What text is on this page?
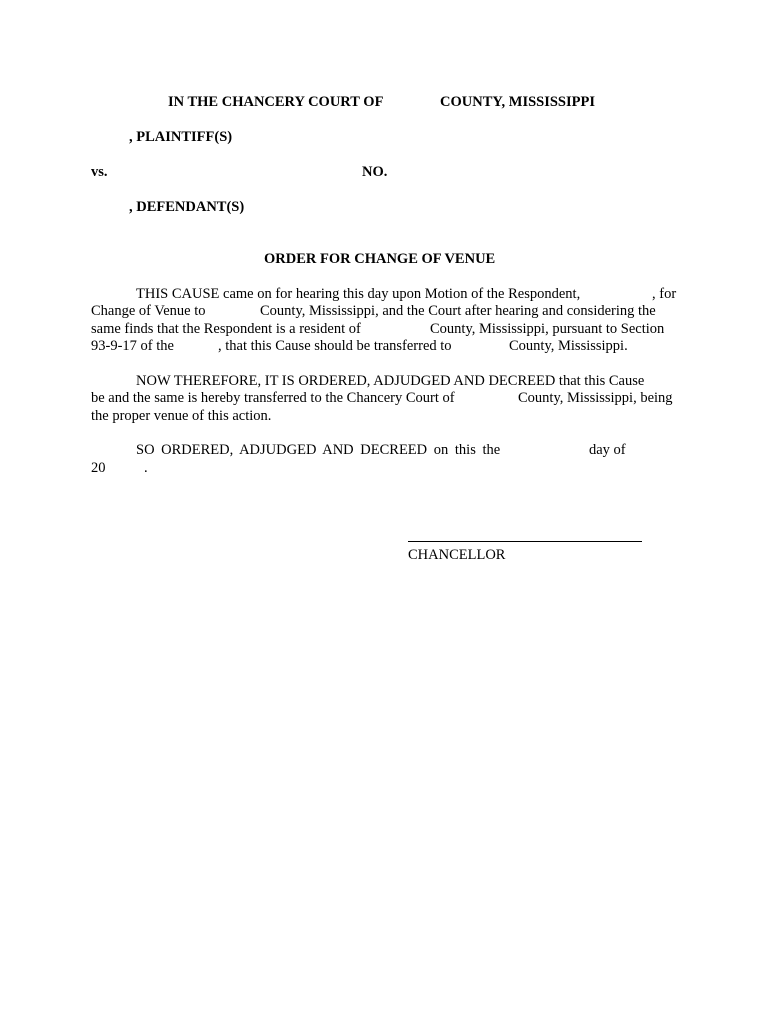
IN THE CHANCERY COURT OF	COUNTY, MISSISSIPPI
, PLAINTIFF(S)
vs.	NO.
, DEFENDANT(S)
ORDER FOR CHANGE OF VENUE
THIS CAUSE came on for hearing this day upon Motion of the Respondent,	, for
Change of Venue to	County, Mississippi, and the Court after hearing and considering the
same finds that the Respondent is a resident of	County, Mississippi, pursuant to Section
93-9-17 of the	, that this Cause should be transferred to	County, Mississippi.
NOW THEREFORE, IT IS ORDERED, ADJUDGED AND DECREED that this Cause
be and the same is hereby transferred to the Chancery Court of	County, Mississippi, being
the proper venue of this action.
SO ORDERED, ADJUDGED AND DECREED on this the	day of
20	.
CHANCELLOR
